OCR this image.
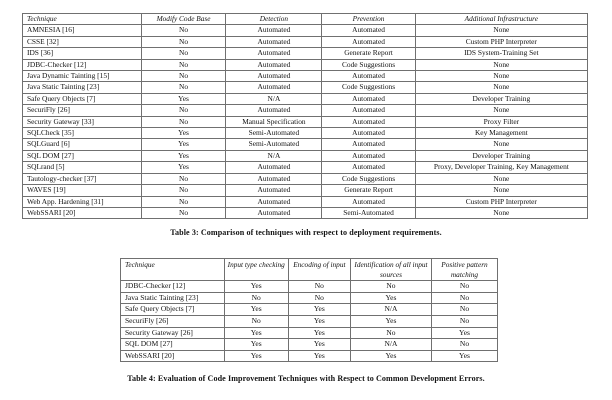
Technique	Modify Code Base	Detection	Prevention	Additional Infrastructure
AMNESIA [16]	No	Automated	Automated	None
CSSE [32]	No	Automated	Automated	Custom PHP Interpreter
IDS [36]	No	Automated	Generate Report	IDS System-Training Set
JDBC-Checker [12]	No	Automated	Code Suggestions	None
Java Dynamic Tainting [15]	No	Automated	Automated	None
Java Static Tainting [23]	No	Automated	Code Suggestions	None
Safe Query Objects [7]	Yes	N/A	Automated	Developer Training
SecuriFly [26]	No	Automated	Automated	None
Security Gateway [33]	No	Manual Specification	Automated	Proxy Filter
SQLCheck [35]	Yes	Semi-Automated	Automated	Key Management
SQLGuard [6]	Yes	Semi-Automated	Automated	None
SQL DOM [27]	Yes	N/A	Automated	Developer Training
SQLrand [5]	Yes	Automated	Automated	Proxy, Developer Training, Key Management
Tautology-checker [37]	No	Automated	Code Suggestions	None
WAVES [19]	No	Automated	Generate Report	None
Web App. Hardening [31]	No	Automated	Automated	Custom PHP Interpreter
WebSSARI [20]	No	Automated	Semi-Automated	None
Table 3: Comparison of techniques with respect to deployment requirements.
Technique	Input type checking	Encoding of input	Identification of all input sources	Positive pattern matching
JDBC-Checker [12]	Yes	No	No	No
Java Static Tainting [23]	No	No	Yes	No
Safe Query Objects [7]	Yes	Yes	N/A	No
SecuriFly [26]	No	Yes	Yes	No
Security Gateway [26]	Yes	Yes	No	Yes
SQL DOM [27]	Yes	Yes	N/A	No
WebSSARI [20]	Yes	Yes	Yes	Yes
Table 4: Evaluation of Code Improvement Techniques with Respect to Common Development Errors.
